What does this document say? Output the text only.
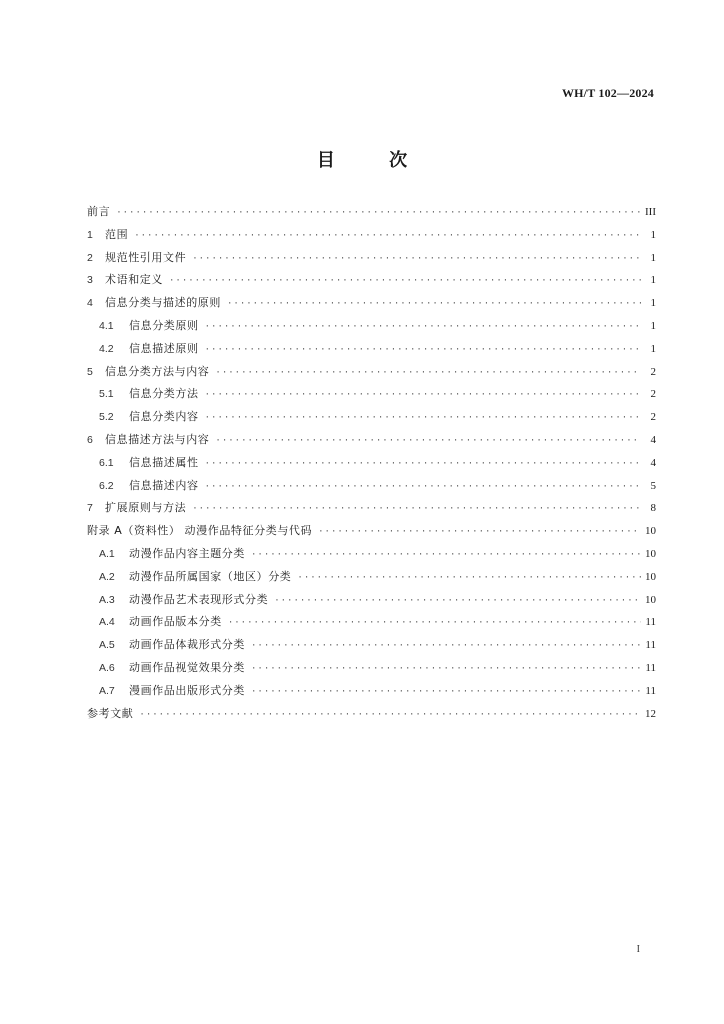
WH/T 102—2024
目	次
前言 ·····	III
1	范围 ·····	1
2	规范性引用文件 ·····	1
3	术语和定义 ·····	1
4	信息分类与描述的原则 ·····	1
4.1	信息分类原则 ·····	1
4.2	信息描述原则 ·····	1
5	信息分类方法与内容 ·····	2
5.1	信息分类方法 ·····	2
5.2	信息分类内容 ·····	2
6	信息描述方法与内容 ·····	4
6.1	信息描述属性 ·····	4
6.2	信息描述内容 ·····	5
7	扩展原则与方法 ·····	8
附录 A（资料性） 动漫作品特征分类与代码 ·····	10
A.1	动漫作品内容主题分类 ·····	10
A.2	动漫作品所属国家（地区）分类 ·····	10
A.3	动漫作品艺术表现形式分类 ·····	10
A.4	动画作品版本分类 ·····	11
A.5	动画作品体裁形式分类 ·····	11
A.6	动画作品视觉效果分类 ·····	11
A.7	漫画作品出版形式分类 ·····	11
参考文献 ·····	12
I
